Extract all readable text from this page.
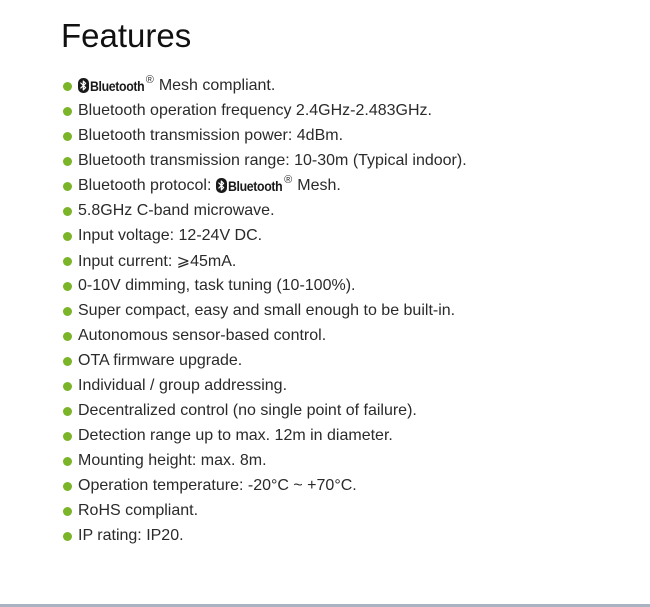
Features
Bluetooth ® Mesh compliant.
Bluetooth operation frequency 2.4GHz-2.483GHz.
Bluetooth transmission power: 4dBm.
Bluetooth transmission range: 10-30m (Typical indoor).
Bluetooth protocol: Bluetooth ® Mesh.
5.8GHz C-band microwave.
Input voltage: 12-24V DC.
Input current: ⩾45mA.
0-10V dimming, task tuning (10-100%).
Super compact, easy and small enough to be built-in.
Autonomous sensor-based control.
OTA firmware upgrade.
Individual / group addressing.
Decentralized control (no single point of failure).
Detection range up to max. 12m in diameter.
Mounting height: max. 8m.
Operation temperature: -20°C ~ +70°C.
RoHS compliant.
IP rating: IP20.
